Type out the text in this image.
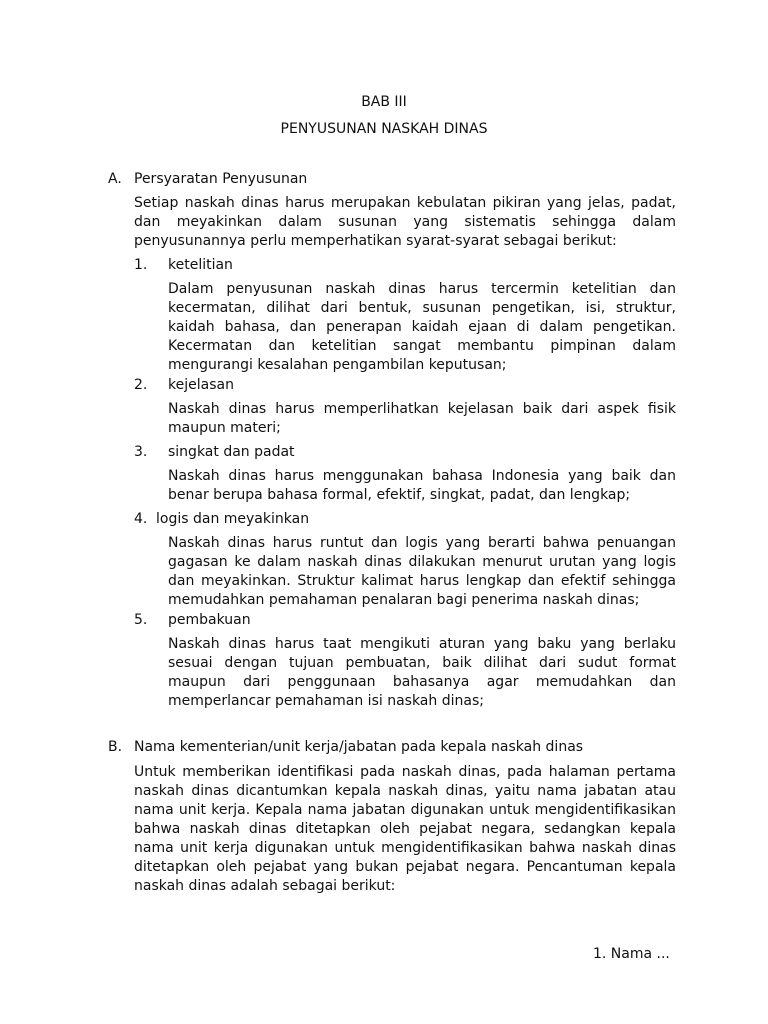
BAB III
PENYUSUNAN NASKAH DINAS
A. Persyaratan Penyusunan
Setiap naskah dinas harus merupakan kebulatan pikiran yang jelas, padat, dan meyakinkan dalam susunan yang sistematis sehingga dalam penyusunannya perlu memperhatikan syarat-syarat sebagai berikut:
1. ketelitian
Dalam penyusunan naskah dinas harus tercermin ketelitian dan kecermatan, dilihat dari bentuk, susunan pengetikan, isi, struktur, kaidah bahasa, dan penerapan kaidah ejaan di dalam pengetikan. Kecermatan dan ketelitian sangat membantu pimpinan dalam mengurangi kesalahan pengambilan keputusan;
2. kejelasan
Naskah dinas harus memperlihatkan kejelasan baik dari aspek fisik maupun materi;
3. singkat dan padat
Naskah dinas harus menggunakan bahasa Indonesia yang baik dan benar berupa bahasa formal, efektif, singkat, padat, dan lengkap;
4. logis dan meyakinkan
Naskah dinas harus runtut dan logis yang berarti bahwa penuangan gagasan ke dalam naskah dinas dilakukan menurut urutan yang logis dan meyakinkan. Struktur kalimat harus lengkap dan efektif sehingga memudahkan pemahaman penalaran bagi penerima naskah dinas;
5. pembakuan
Naskah dinas harus taat mengikuti aturan yang baku yang berlaku sesuai dengan tujuan pembuatan, baik dilihat dari sudut format maupun dari penggunaan bahasanya agar memudahkan dan memperlancar pemahaman isi naskah dinas;
B. Nama kementerian/unit kerja/jabatan pada kepala naskah dinas
Untuk memberikan identifikasi pada naskah dinas, pada halaman pertama naskah dinas dicantumkan kepala naskah dinas, yaitu nama jabatan atau nama unit kerja. Kepala nama jabatan digunakan untuk mengidentifikasikan bahwa naskah dinas ditetapkan oleh pejabat negara, sedangkan kepala nama unit kerja digunakan untuk mengidentifikasikan bahwa naskah dinas ditetapkan oleh pejabat yang bukan pejabat negara. Pencantuman kepala naskah dinas adalah sebagai berikut:
1. Nama ...
